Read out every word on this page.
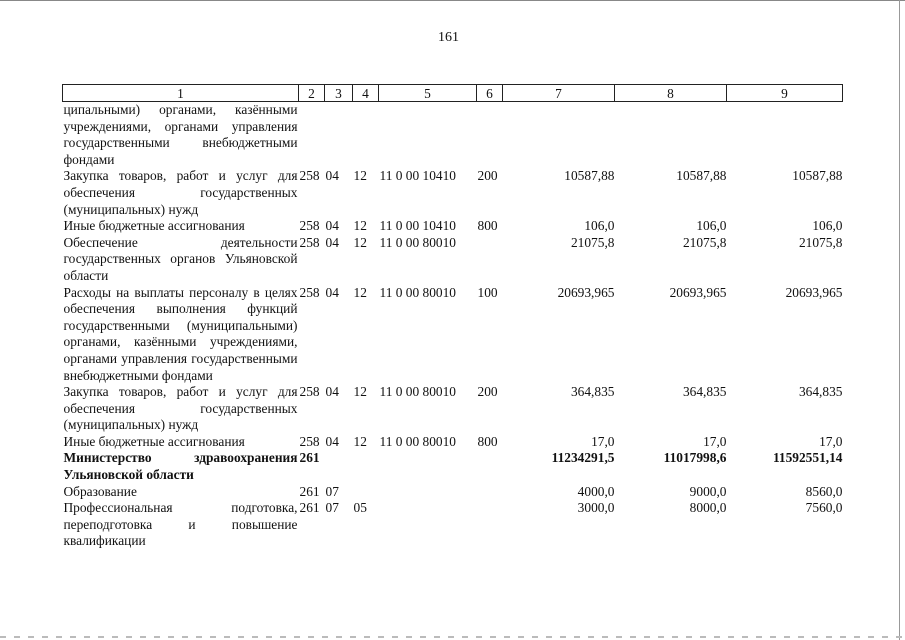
161
1	2	3	4	5	6	7	8	9
ципальными) органами, казёнными учреждениями, органами управления государственными внебюджетными фондами								
Закупка товаров, работ и услуг для обеспечения государственных (муниципальных) нужд	258	04	12	11 0 00 10410	200	10587,88	10587,88	10587,88
Иные бюджетные ассигнования	258	04	12	11 0 00 10410	800	106,0	106,0	106,0
Обеспечение деятельности государственных органов Ульяновской области	258	04	12	11 0 00 80010		21075,8	21075,8	21075,8
Расходы на выплаты персоналу в целях обеспечения выполнения функций государственными (муниципальными) органами, казёнными учреждениями, органами управления государственными внебюджетными фондами	258	04	12	11 0 00 80010	100	20693,965	20693,965	20693,965
Закупка товаров, работ и услуг для обеспечения государственных (муниципальных) нужд	258	04	12	11 0 00 80010	200	364,835	364,835	364,835
Иные бюджетные ассигнования	258	04	12	11 0 00 80010	800	17,0	17,0	17,0
Министерство здравоохранения Ульяновской области	261					11234291,5	11017998,6	11592551,14
Образование	261	07				4000,0	9000,0	8560,0
Профессиональная подготовка, переподготовка и повышение квалификации	261	07	05			3000,0	8000,0	7560,0
